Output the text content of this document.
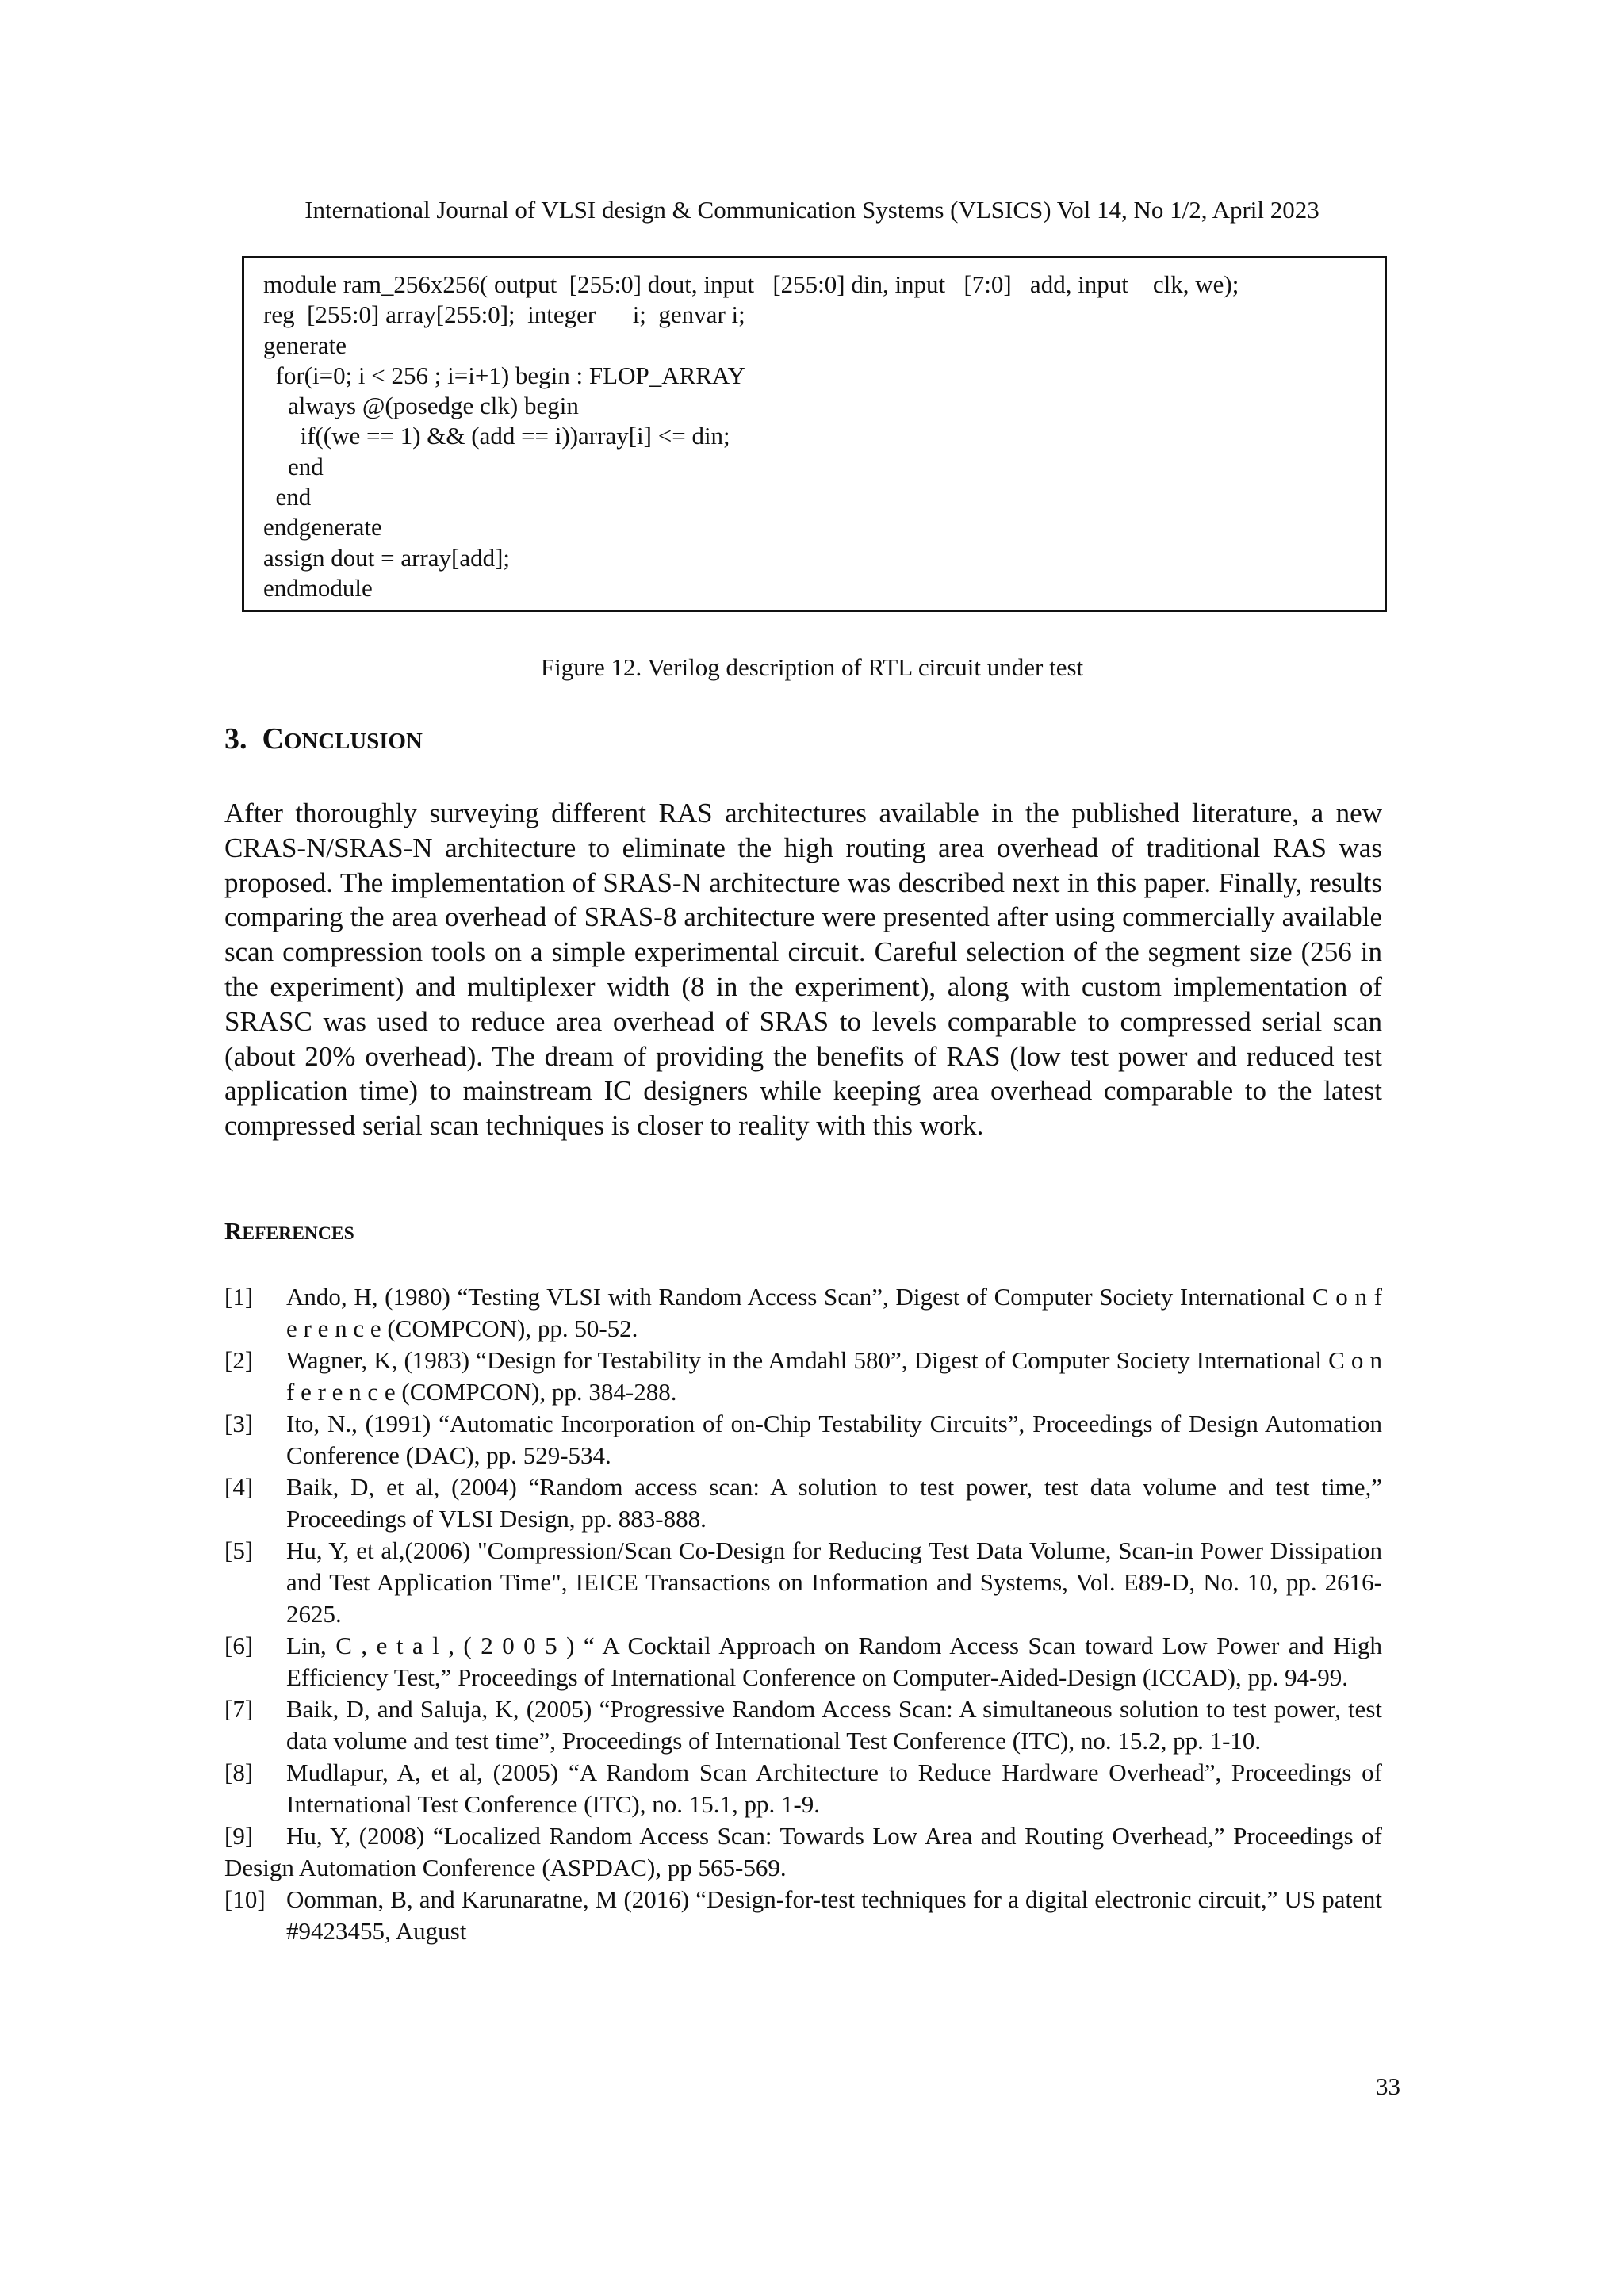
International Journal of VLSI design & Communication Systems (VLSICS) Vol 14, No 1/2, April 2023
module ram_256x256( output  [255:0] dout, input   [255:0] din, input   [7:0]   add, input    clk, we);
reg  [255:0] array[255:0];  integer      i;  genvar i;
generate
for(i=0; i < 256 ; i=i+1) begin : FLOP_ARRAY
always @(posedge clk) begin
if((we == 1) && (add == i))array[i] <= din;
end
end
endgenerate
assign dout = array[add];
endmodule
Figure 12. Verilog description of RTL circuit under test
3. CONCLUSION

After thoroughly surveying different RAS architectures available in the published literature, a new CRAS-N/SRAS-N architecture to eliminate the high routing area overhead of traditional RAS was proposed. The implementation of SRAS-N architecture was described next in this paper. Finally, results comparing the area overhead of SRAS-8 architecture were presented after using commercially available scan compression tools on a simple experimental circuit. Careful selection of the segment size (256 in the experiment) and multiplexer width (8 in the experiment), along with custom implementation of SRASC was used to reduce area overhead of SRAS to levels comparable to compressed serial scan (about 20% overhead). The dream of providing the benefits of RAS (low test power and reduced test application time) to mainstream IC designers while keeping area overhead comparable to the latest compressed serial scan techniques is closer to reality with this work.

REFERENCES
[1] Ando, H, (1980) “Testing VLSI with Random Access Scan”, Digest of Computer Society International C o n f e r e n c e (COMPCON), pp. 50-52.
[2] Wagner, K, (1983) “Design for Testability in the Amdahl 580”, Digest of Computer Society International C o n f e r e n c e (COMPCON), pp. 384-288.
[3] Ito, N., (1991) “Automatic Incorporation of on-Chip Testability Circuits”, Proceedings of Design Automation Conference (DAC), pp. 529-534.
[4] Baik, D, et al, (2004) “Random access scan: A solution to test power, test data volume and test time,” Proceedings of VLSI Design, pp. 883-888.
[5] Hu, Y, et al,(2006) "Compression/Scan Co-Design for Reducing Test Data Volume, Scan-in Power Dissipation and Test Application Time", IEICE Transactions on Information and Systems, Vol. E89-D, No. 10, pp. 2616-2625.
[6] Lin, C , e t a l , ( 2 0 0 5 ) “ A Cocktail Approach on Random Access Scan toward Low Power and High Efficiency Test,” Proceedings of International Conference on Computer-Aided-Design (ICCAD), pp. 94-99.
[7] Baik, D, and Saluja, K, (2005) “Progressive Random Access Scan: A simultaneous solution to test power, test data volume and test time”, Proceedings of International Test Conference (ITC), no. 15.2, pp. 1-10.
[8] Mudlapur, A, et al, (2005) “A Random Scan Architecture to Reduce Hardware Overhead”, Proceedings of International Test Conference (ITC), no. 15.1, pp. 1-9.
[9] Hu, Y, (2008) “Localized Random Access Scan: Towards Low Area and Routing Overhead,” Proceedings of Design Automation Conference (ASPDAC), pp 565-569.
[10] Oomman, B, and Karunaratne, M (2016) “Design-for-test techniques for a digital electronic circuit,” US patent #9423455, August
33
